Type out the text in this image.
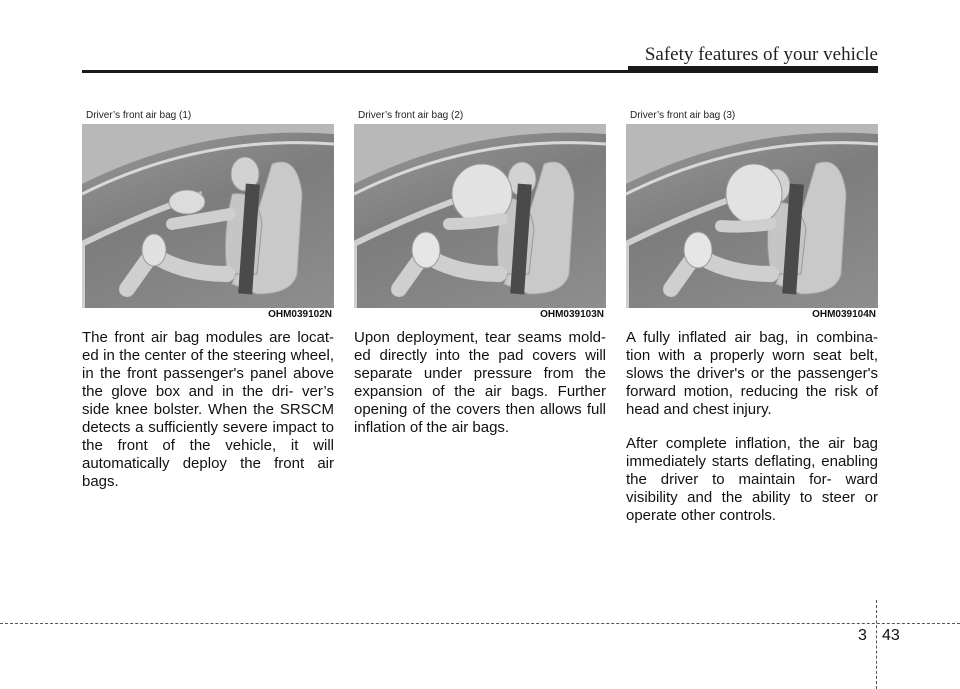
Safety features of your vehicle
Driver’s front air bag (1)
OHM039102N

The front air bag modules are locat- ed in the center of the steering wheel, in the front passenger's panel above the glove box and in the dri- ver’s side knee bolster. When the SRSCM detects a sufficiently severe impact to the front of the vehicle, it will automatically deploy the front air bags.

Driver’s front air bag (2)
OHM039103N

Upon deployment, tear seams mold- ed directly into the pad covers will separate under pressure from the expansion of the air bags. Further opening of the covers then allows full inflation of the air bags.

Driver’s front air bag (3)
OHM039104N

A fully inflated air bag, in combina- tion with a properly worn seat belt, slows the driver's or the passenger's forward motion, reducing the risk of head and chest injury.

After complete inflation, the air bag immediately starts deflating, enabling the driver to maintain for- ward visibility and the ability to steer or operate other controls.

3 43
